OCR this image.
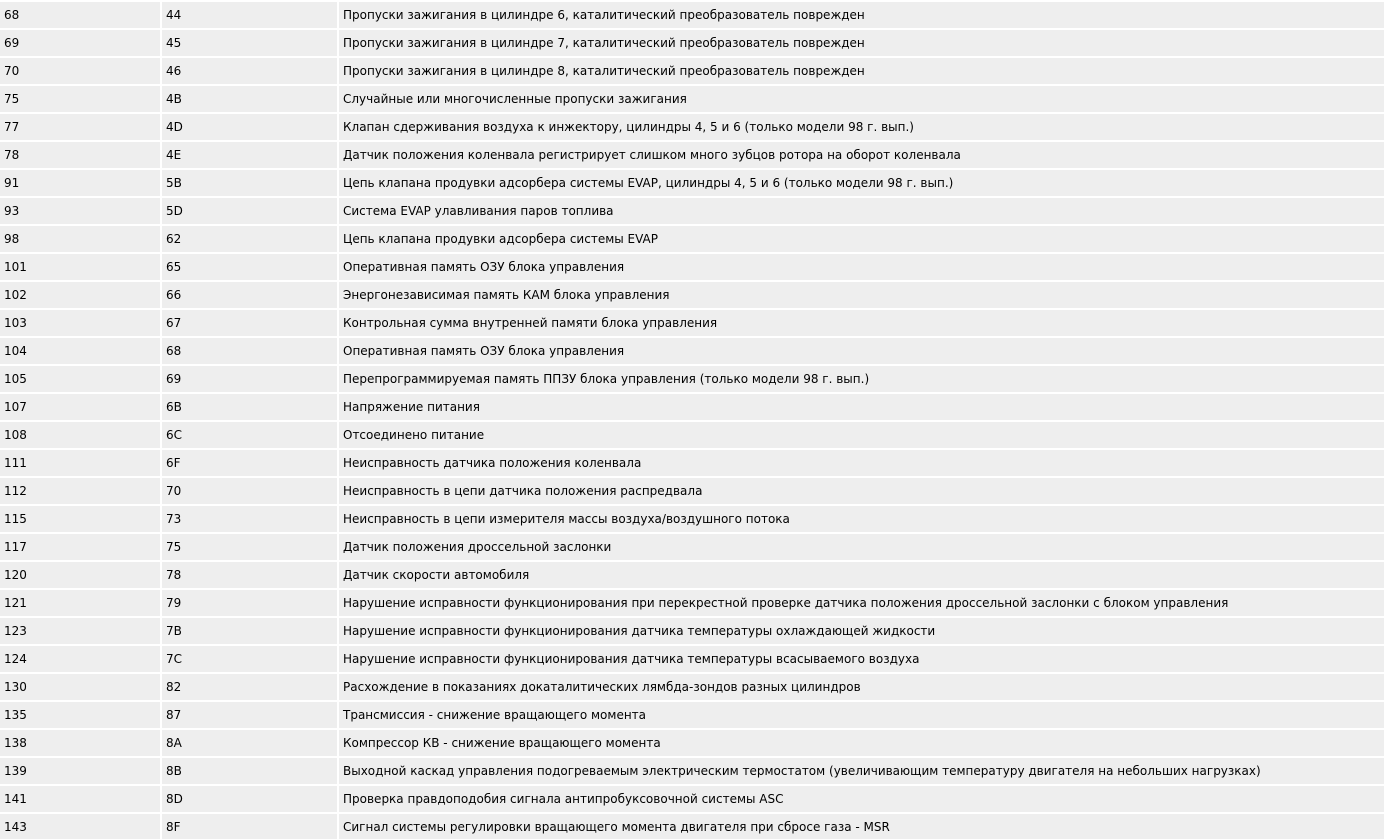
68	44	Пропуски зажигания в цилиндре 6, каталитический преобразователь поврежден
69	45	Пропуски зажигания в цилиндре 7, каталитический преобразователь поврежден
70	46	Пропуски зажигания в цилиндре 8, каталитический преобразователь поврежден
75	4B	Случайные или многочисленные пропуски зажигания
77	4D	Клапан сдерживания воздуха к инжектору, цилиндры 4, 5 и 6 (только модели 98 г. вып.)
78	4E	Датчик положения коленвала регистрирует слишком много зубцов ротора на оборот коленвала
91	5B	Цепь клапана продувки адсорбера системы EVAP, цилиндры 4, 5 и 6 (только модели 98 г. вып.)
93	5D	Система EVAP улавливания паров топлива
98	62	Цепь клапана продувки адсорбера системы EVAP
101	65	Оперативная память ОЗУ блока управления
102	66	Энергонезависимая память КАМ блока управления
103	67	Контрольная сумма внутренней памяти блока управления
104	68	Оперативная память ОЗУ блока управления
105	69	Перепрограммируемая память ППЗУ блока управления (только модели 98 г. вып.)
107	6B	Напряжение питания
108	6C	Отсоединено питание
111	6F	Неисправность датчика положения коленвала
112	70	Неисправность в цепи датчика положения распредвала
115	73	Неисправность в цепи измерителя массы воздуха/воздушного потока
117	75	Датчик положения дроссельной заслонки
120	78	Датчик скорости автомобиля
121	79	Нарушение исправности функционирования при перекрестной проверке датчика положения дроссельной заслонки с блоком управления
123	7B	Нарушение исправности функционирования датчика температуры охлаждающей жидкости
124	7C	Нарушение исправности функционирования датчика температуры всасываемого воздуха
130	82	Расхождение в показаниях докаталитических лямбда-зондов разных цилиндров
135	87	Трансмиссия - снижение вращающего момента
138	8A	Компрессор КВ - снижение вращающего момента
139	8B	Выходной каскад управления подогреваемым электрическим термостатом (увеличивающим температуру двигателя на небольших нагрузках)
141	8D	Проверка правдоподобия сигнала антипробуксовочной системы ASC
143	8F	Сигнал системы регулировки вращающего момента двигателя при сбросе газа - MSR
